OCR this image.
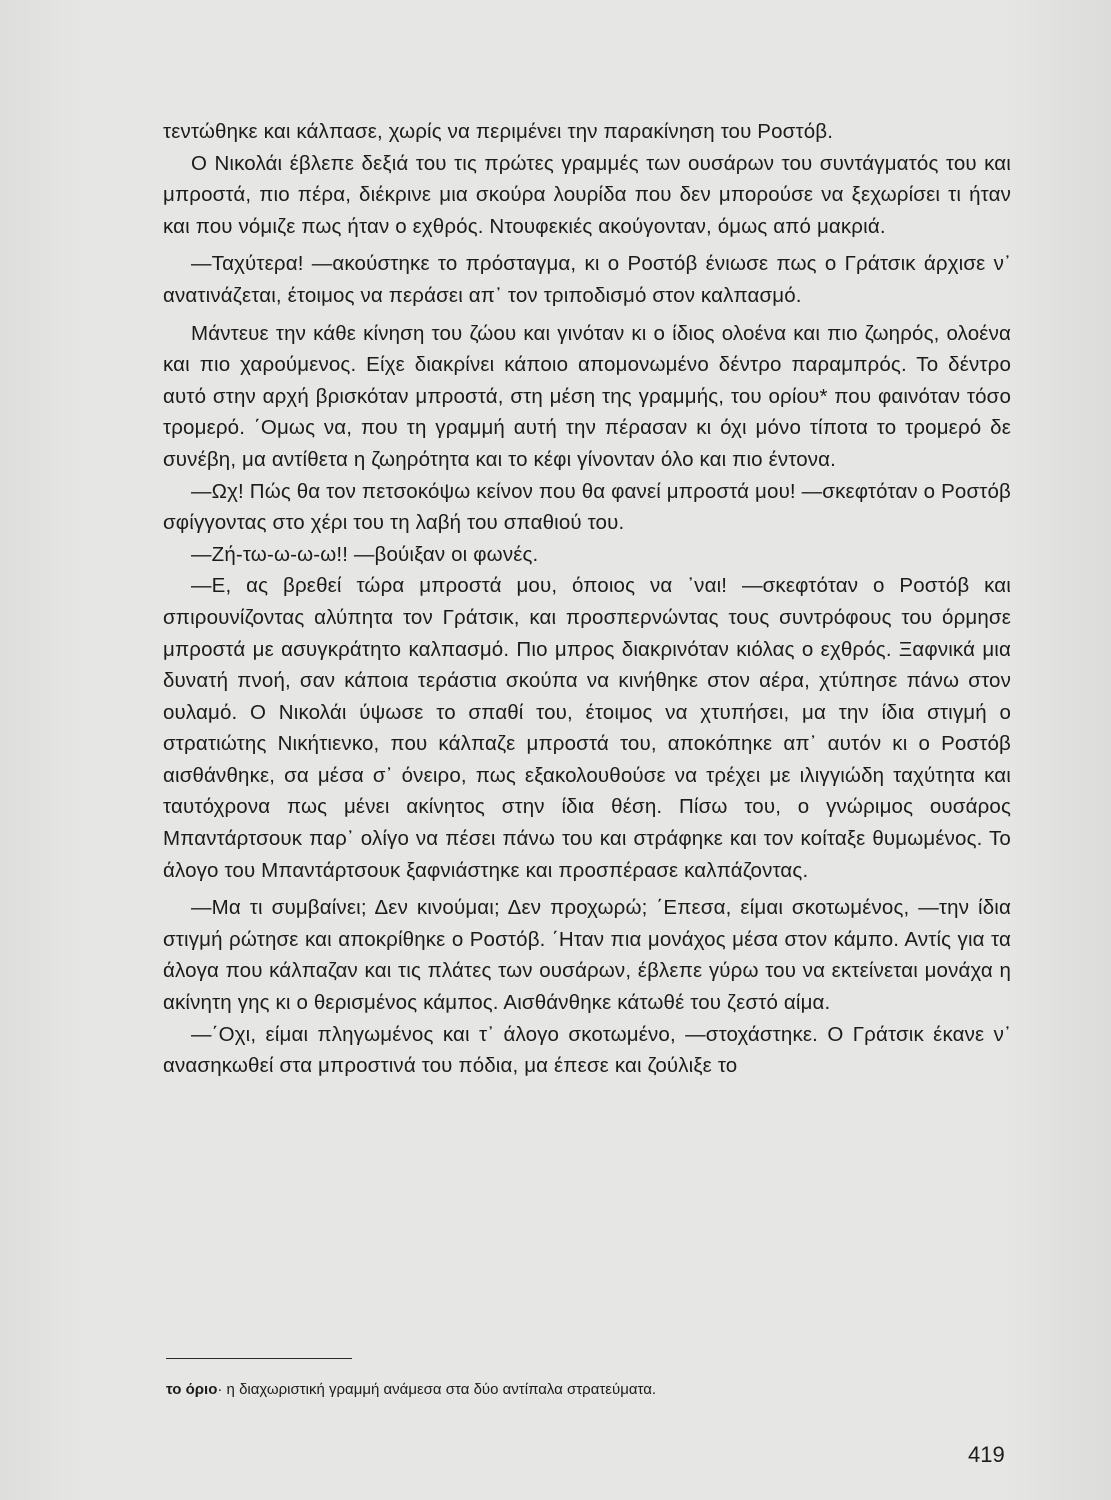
τεντώθηκε και κάλπασε, χωρίς να περιμένει την παρακίνηση του Ροστόβ.

Ο Νικολάι έβλεπε δεξιά του τις πρώτες γραμμές των ουσάρων του συντάγματός του και μπροστά, πιο πέρα, διέκρινε μια σκούρα λουρίδα που δεν μπορούσε να ξεχωρίσει τι ήταν και που νόμιζε πως ήταν ο εχθρός. Ντουφεκιές ακούγονταν, όμως από μακριά.

—Ταχύτερα! —ακούστηκε το πρόσταγμα, κι ο Ροστόβ ένιωσε πως ο Γράτσικ άρχισε ν᾽ ανατινάζεται, έτοιμος να περάσει απ᾽ τον τριποδισμό στον καλπασμό.

Μάντευε την κάθε κίνηση του ζώου και γινόταν κι ο ίδιος ολοένα και πιο ζωηρός, ολοένα και πιο χαρούμενος. Είχε διακρίνει κάποιο απομονωμένο δέντρο παραμπρός. Το δέντρο αυτό στην αρχή βρισκόταν μπροστά, στη μέση της γραμμής, του ορίου* που φαινόταν τόσο τρομερό. ΄Ομως να, που τη γραμμή αυτή την πέρασαν κι όχι μόνο τίποτα το τρομερό δε συνέβη, μα αντίθετα η ζωηρότητα και το κέφι γίνονταν όλο και πιο έντονα.

—Ωχ! Πώς θα τον πετσοκόψω κείνον που θα φανεί μπροστά μου! —σκεφτόταν ο Ροστόβ σφίγγοντας στο χέρι του τη λαβή του σπαθιού του.

—Ζή-τω-ω-ω-ω!! —βούιξαν οι φωνές.

—Ε, ας βρεθεί τώρα μπροστά μου, όποιος να ᾽ναι! —σκεφτόταν ο Ροστόβ και σπιρουνίζοντας αλύπητα τον Γράτσικ, και προσπερνώντας τους συντρόφους του όρμησε μπροστά με ασυγκράτητο καλπασμό. Πιο μπρος διακρινόταν κιόλας ο εχθρός. Ξαφνικά μια δυνατή πνοή, σαν κάποια τεράστια σκούπα να κινήθηκε στον αέρα, χτύπησε πάνω στον ουλαμό. Ο Νικολάι ύψωσε το σπαθί του, έτοιμος να χτυπήσει, μα την ίδια στιγμή ο στρατιώτης Νικήτιενκο, που κάλπαζε μπροστά του, αποκόπηκε απ᾽ αυτόν κι ο Ροστόβ αισθάνθηκε, σα μέσα σ᾽ όνειρο, πως εξακολουθούσε να τρέχει με ιλιγγιώδη ταχύτητα και ταυτόχρονα πως μένει ακίνητος στην ίδια θέση. Πίσω του, ο γνώριμος ουσάρος Μπαντάρτσουκ παρ᾽ ολίγο να πέσει πάνω του και στράφηκε και τον κοίταξε θυμωμένος. Το άλογο του Μπαντάρτσουκ ξαφνιάστηκε και προσπέρασε καλπάζοντας.

—Μα τι συμβαίνει; Δεν κινούμαι; Δεν προχωρώ; ΄Επεσα, είμαι σκοτωμένος, —την ίδια στιγμή ρώτησε και αποκρίθηκε ο Ροστόβ. ΄Ηταν πια μονάχος μέσα στον κάμπο. Αντίς για τα άλογα που κάλπαζαν και τις πλάτες των ουσάρων, έβλεπε γύρω του να εκτείνεται μονάχα η ακίνητη γης κι ο θερισμένος κάμπος. Αισθάνθηκε κάτωθέ του ζεστό αίμα.

—΄Οχι, είμαι πληγωμένος και τ᾽ άλογο σκοτωμένο, —στοχάστηκε. Ο Γράτσικ έκανε ν᾽ ανασηκωθεί στα μπροστινά του πόδια, μα έπεσε και ζούλιξε το

το όριο· η διαχωριστική γραμμή ανάμεσα στα δύο αντίπαλα στρατεύματα.
419
